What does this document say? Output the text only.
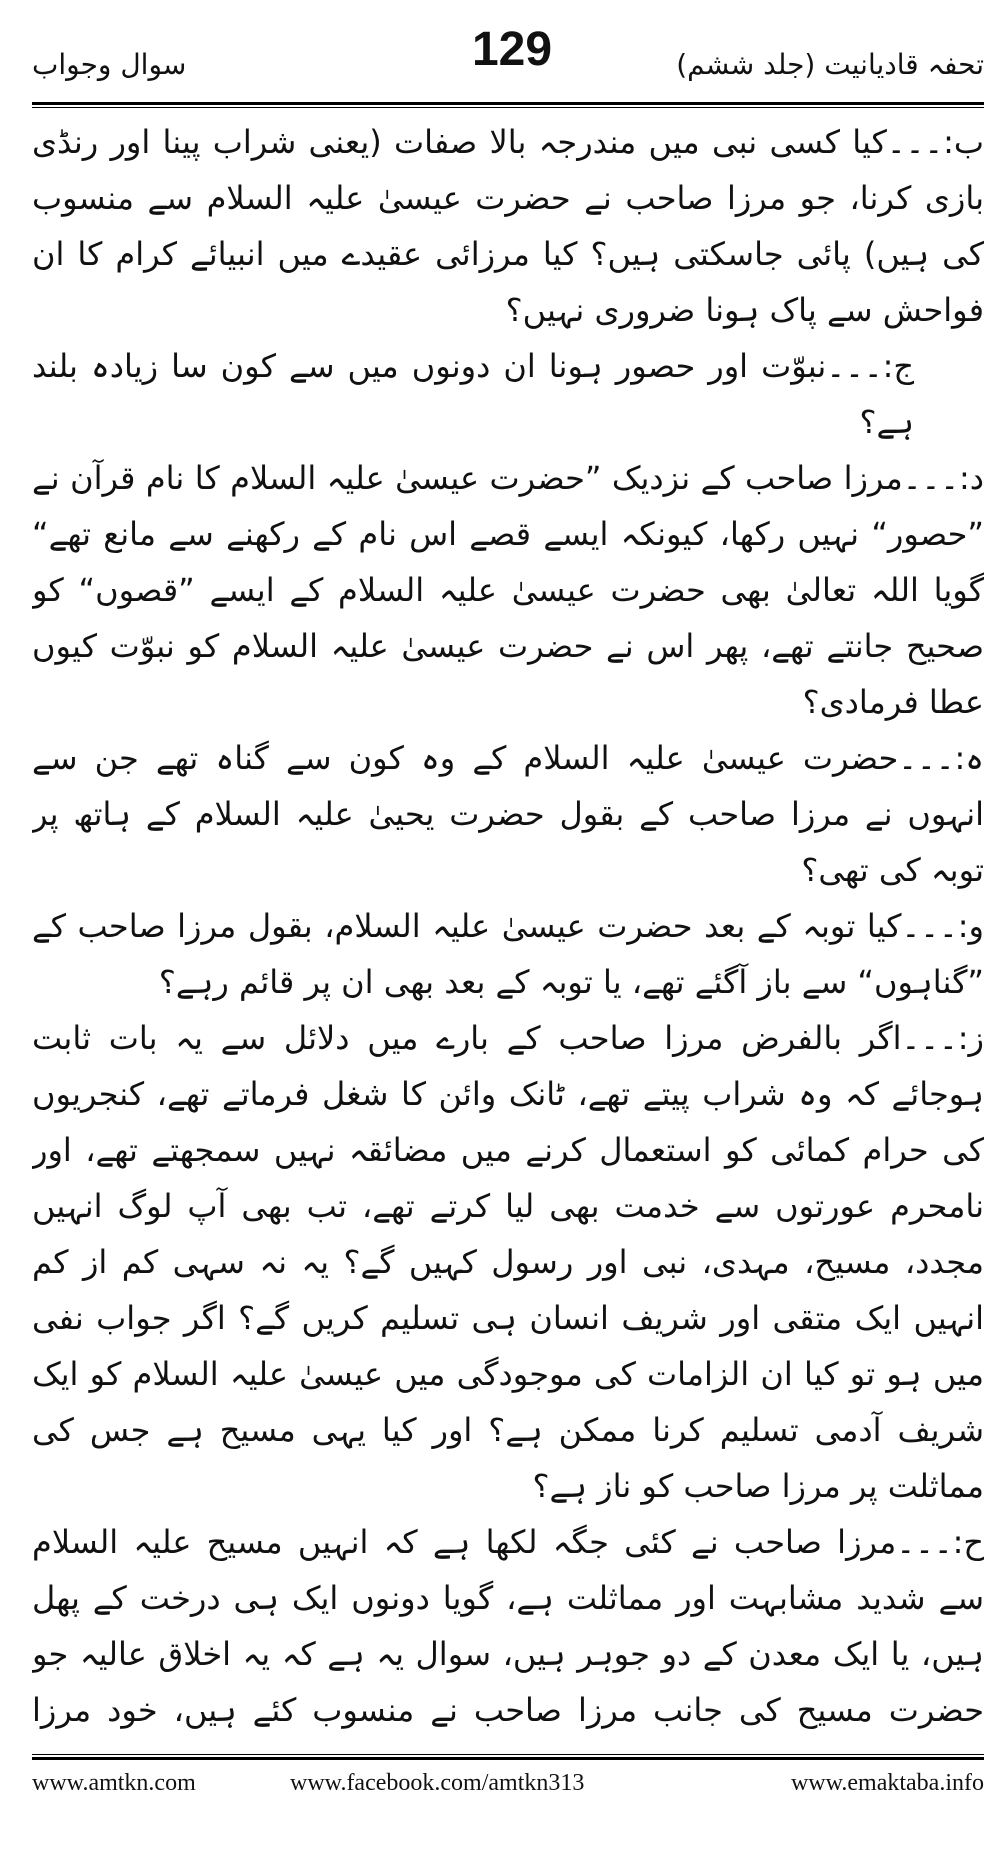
سوال وجواب	129	تحفہ قادیانیت (جلد ششم)

ب:۔۔۔کیا کسی نبی میں مندرجہ بالا صفات (یعنی شراب پینا اور رنڈی بازی کرنا، جو مرزا صاحب نے حضرت عیسیٰ علیہ السلام سے منسوب کی ہیں) پائی جاسکتی ہیں؟ کیا مرزائی عقیدے میں انبیائے کرام کا ان فواحش سے پاک ہونا ضروری نہیں؟

ج:۔۔۔نبوّت اور حصور ہونا ان دونوں میں سے کون سا زیادہ بلند ہے؟

د:۔۔۔مرزا صاحب کے نزدیک ”حضرت عیسیٰ علیہ السلام کا نام قرآن نے ”حصور“ نہیں رکھا، کیونکہ ایسے قصے اس نام کے رکھنے سے مانع تھے“ گویا اللہ تعالیٰ بھی حضرت عیسیٰ علیہ السلام کے ایسے ”قصوں“ کو صحیح جانتے تھے، پھر اس نے حضرت عیسیٰ علیہ السلام کو نبوّت کیوں عطا فرمادی؟

ہ:۔۔۔حضرت عیسیٰ علیہ السلام کے وہ کون سے گناہ تھے جن سے انہوں نے مرزا صاحب کے بقول حضرت یحییٰ علیہ السلام کے ہاتھ پر توبہ کی تھی؟

و:۔۔۔کیا توبہ کے بعد حضرت عیسیٰ علیہ السلام، بقول مرزا صاحب کے ”گناہوں“ سے باز آگئے تھے، یا توبہ کے بعد بھی ان پر قائم رہے؟

ز:۔۔۔اگر بالفرض مرزا صاحب کے بارے میں دلائل سے یہ بات ثابت ہوجائے کہ وہ شراب پیتے تھے، ٹانک وائن کا شغل فرماتے تھے، کنجریوں کی حرام کمائی کو استعمال کرنے میں مضائقہ نہیں سمجھتے تھے، اور نامحرم عورتوں سے خدمت بھی لیا کرتے تھے، تب بھی آپ لوگ انہیں مجدد، مسیح، مہدی، نبی اور رسول کہیں گے؟ یہ نہ سہی کم از کم انہیں ایک متقی اور شریف انسان ہی تسلیم کریں گے؟ اگر جواب نفی میں ہو تو کیا ان الزامات کی موجودگی میں عیسیٰ علیہ السلام کو ایک شریف آدمی تسلیم کرنا ممکن ہے؟ اور کیا یہی مسیح ہے جس کی مماثلت پر مرزا صاحب کو ناز ہے؟

ح:۔۔۔مرزا صاحب نے کئی جگہ لکھا ہے کہ انہیں مسیح علیہ السلام سے شدید مشابہت اور مماثلت ہے، گویا دونوں ایک ہی درخت کے پھل ہیں، یا ایک معدن کے دو جوہر ہیں، سوال یہ ہے کہ یہ اخلاق عالیہ جو حضرت مسیح کی جانب مرزا صاحب نے منسوب کئے ہیں، خود مرزا

www.amtkn.com	www.facebook.com/amtkn313	www.emaktaba.info
